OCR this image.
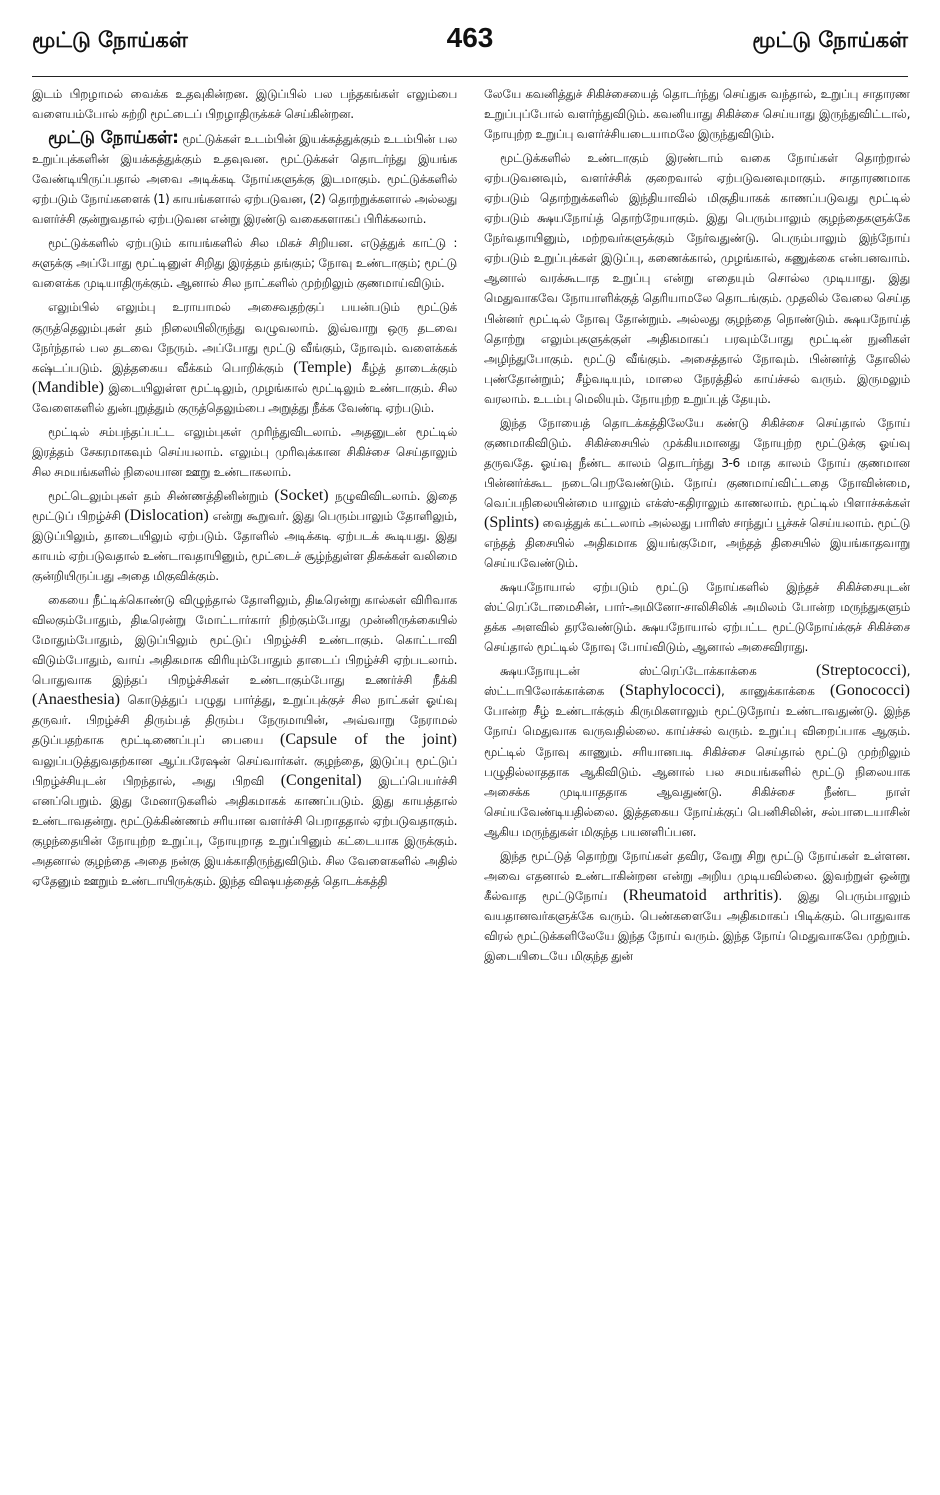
மூட்டு நோய்கள்	463	மூட்டு நோய்கள்

இடம் பிறழாமல் வைக்க உதவுகின்றன. இடுப்பில் பல பந்தகங்கள் எலும்பை வளையம்போல் சுற்றி மூட்டைப் பிறழாதிருக்கச் செய்கின்றன.

மூட்டு நோய்கள்: மூட்டுக்கள் உடம்பின் இயக்கத்துக்கும் உடம்பின் பல உறுப்புக்களின் இயக்கத்துக்கும் உதவுவன. மூட்டுக்கள் தொடர்ந்து இயங்க வேண்டியிருப்பதால் அவை அடிக்கடி நோய்களுக்கு இடமாகும். மூட்டுக்களில் ஏற்படும் நோய்களைக் (1) காயங்களால் ஏற்படுவன, (2) தொற்றுக்களால் அல்லது வளர்ச்சி குன்றுவதால் ஏற்படுவன என்று இரண்டு வகைகளாகப் பிரிக்கலாம்.

மூட்டுக்களில் ஏற்படும் காயங்களில் சில மிகச் சிறியன. எடுத்துக் காட்டு : சுளுக்கு அப்போது மூட்டினுள் சிறிது இரத்தம் தங்கும்; நோவு உண்டாகும்; மூட்டு வளைக்க முடியாதிருக்கும். ஆனால் சில நாட்களில் முற்றிலும் குணமாய்விடும்.

எலும்பில் எலும்பு உராயாமல் அசைவதற்குப் பயன்படும் மூட்டுக் குருத்தெலும்புகள் தம் நிலையிலிருந்து வழுவலாம். இவ்வாறு ஒரு தடவை நேர்ந்தால் பல தடவை நேரும். அப்போது மூட்டு வீங்கும், நோவும். வளைக்கக் கஷ்டப்படும். இத்தகைய வீக்கம் பொறிக்கும் (Temple) கீழ்த் தாடைக்கும் (Mandible) இடையிலுள்ள மூட்டிலும், முழங்கால் மூட்டிலும் உண்டாகும். சில வேளைகளில் துன்புறுத்தும் குருத்தெலும்பை அறுத்து நீக்க வேண்டி ஏற்படும்.

மூட்டில் சம்பந்தப்பட்ட எலும்புகள் முரிந்துவிடலாம். அதனுடன் மூட்டில் இரத்தம் சேகரமாகவும் செய்யலாம். எலும்பு முரிவுக்கான சிகிச்சை செய்தாலும் சில சமயங்களில் நிலையான ஊறு உண்டாகலாம்.

மூட்டெலும்புகள் தம் சிண்ணத்தினின்றும் (Socket) நழுவிவிடலாம். இதை மூட்டுப் பிறழ்ச்சி (Dislocation) என்று கூறுவர். இது பெரும்பாலும் தோளிலும், இடுப்பிலும், தாடையிலும் ஏற்படும். தோளில் அடிக்கடி ஏற்படக் கூடியது. இது காயம் ஏற்படுவதால் உண்டாவதாயினும், மூட்டைச் சூழ்ந்துள்ள திசுக்கள் வலிமை குன்றியிருப்பது அதை மிகுவிக்கும்.

கையை நீட்டிக்கொண்டு விழுந்தால் தோளிலும், திடீரென்று கால்கள் விரிவாக விலகும்போதும், திடீரென்று மோட்டார்கார் நிற்கும்போது முன்னிருக்கையில் மோதும்போதும், இடுப்பிலும் மூட்டுப் பிறழ்ச்சி உண்டாகும். கொட்டாவி விடும்போதும், வாய் அதிகமாக விரியும்போதும் தாடைப் பிறழ்ச்சி ஏற்படலாம். பொதுவாக இந்தப் பிறழ்ச்சிகள் உண்டாகும்போது உணர்ச்சி நீக்கி (Anaesthesia) கொடுத்துப் பழுது பார்த்து, உறுப்புக்குச் சில நாட்கள் ஓய்வு தருவர். பிறழ்ச்சி திரும்பத் திரும்ப நேருமாயின், அவ்வாறு நேராமல் தடுப்பதற்காக மூட்டிணைப்புப் பையை (Capsule of the joint) வலுப்படுத்துவதற்கான ஆப்பரேஷன் செய்வார்கள். குழந்தை, இடுப்பு மூட்டுப் பிறழ்ச்சியுடன் பிறந்தால், அது பிறவி (Congenital) இடப்பெயர்ச்சி எனப்பெறும். இது மேனாடுகளில் அதிகமாகக் காணப்படும். இது காயத்தால் உண்டாவதன்று. மூட்டுக்கிண்ணம் சரியான வளர்ச்சி பெறாததால் ஏற்படுவதாகும். குழந்தையின் நோயுற்ற உறுப்பு, நோயுறாத உறுப்பினும் கட்டையாக இருக்கும். அதனால் குழந்தை அதை நன்கு இயக்காதிருந்துவிடும். சில வேளைகளில் அதில் ஏதேனும் ஊறும் உண்டாயிருக்கும். இந்த விஷயத்தைத் தொடக்கத்தி

லேயே கவனித்துச் சிகிச்சையைத் தொடர்ந்து செய்துசு வந்தால், உறுப்பு சாதாரண உறுப்புப்போல் வளர்ந்துவிடும். கவனியாது சிகிச்சை செய்யாது இருந்துவிட்டால், நோயுற்ற உறுப்பு வளர்ச்சியடையாமலே இருந்துவிடும்.

மூட்டுக்களில் உண்டாகும் இரண்டாம் வகை நோய்கள் தொற்றால் ஏற்படுவனவும், வளர்ச்சிக் குறைவால் ஏற்படுவனவுமாகும். சாதாரணமாக ஏற்படும் தொற்றுக்களில் இந்தியாவில் மிகுதியாகக் காணப்படுவது மூட்டில் ஏற்படும் க்ஷயநோய்த் தொற்றேயாகும். இது பெரும்பாலும் குழந்தைகளுக்கே நேர்வதாயினும், மற்றவர்களுக்கும் நேர்வதுண்டு. பெரும்பாலும் இந்நோய் ஏற்படும் உறுப்புக்கள் இடுப்பு, கணைக்கால், முழங்கால், கணுக்கை என்பனவாம். ஆனால் வரக்கூடாத உறுப்பு என்று எதையும் சொல்ல முடியாது. இது மெதுவாகவே நோயாளிக்குத் தெரியாமலே தொடங்கும். முதலில் வேலை செய்த பின்னர் மூட்டில் நோவு தோன்றும். அல்லது குழந்தை நொண்டும். க்ஷயநோய்த் தொற்று எலும்புகளுக்குள் அதிகமாகப் பரவும்போது மூட்டின் நுனிகள் அழிந்துபோகும். மூட்டு வீங்கும். அசைத்தால் நோவும். பின்னர்த் தோலில் புண்தோன்றும்; சீழ்வடியும், மாலை நேரத்தில் காய்ச்சல் வரும். இருமலும் வரலாம். உடம்பு மெலியும். நோயுற்ற உறுப்புத் தேயும்.

இந்த நோயைத் தொடக்கத்திலேயே கண்டு சிகிச்சை செய்தால் நோய் குணமாகிவிடும். சிகிச்சையில் முக்கியமானது நோயுற்ற மூட்டுக்கு ஓய்வு தருவதே. ஓய்வு நீண்ட காலம் தொடர்ந்து 3-6 மாத காலம் நோய் குணமான பின்னர்க்கூட நடைபெறவேண்டும். நோய் குணமாய்விட்டதை நோவின்மை, வெப்பநிலையின்மை யாலும் எக்ஸ்-கதிராலும் காணலாம். மூட்டில் பிளாச்சுக்கள் (Splints) வைத்துக் கட்டலாம் அல்லது பாரிஸ் சாந்துப் பூச்சுச் செய்யலாம். மூட்டு எந்தத் திசையில் அதிகமாக இயங்குமோ, அந்தத் திசையில் இயங்காதவாறு செய்யவேண்டும்.

க்ஷயநோயால் ஏற்படும் மூட்டு நோய்களில் இந்தச் சிகிச்சையுடன் ஸ்ட்ரெப்டோமைசின், பார்-அமினோ-சாலிசிலிக் அமிலம் போன்ற மருந்துகளும் தக்க அளவில் தரவேண்டும். க்ஷயநோயால் ஏற்பட்ட மூட்டுநோய்க்குச் சிகிச்சை செய்தால் மூட்டில் நோவு போய்விடும், ஆனால் அசைவிராது.

க்ஷயநோயுடன் ஸ்ட்ரெப்டோக்காக்கை (Streptococci), ஸ்ட்டாபிலோக்காக்கை (Staphylococci), கானுக்காக்கை (Gonococci) போன்ற சீழ் உண்டாக்கும் கிருமிகளாலும் மூட்டுநோய் உண்டாவதுண்டு. இந்த நோய் மெதுவாக வருவதில்லை. காய்ச்சல் வரும். உறுப்பு விறைப்பாக ஆகும். மூட்டில் நோவு காணும். சரியானபடி சிகிச்சை செய்தால் மூட்டு முற்றிலும் பழுதில்லாததாக ஆகிவிடும். ஆனால் பல சமயங்களில் மூட்டு நிலையாக அசைக்க முடியாததாக ஆவதுண்டு. சிகிச்சை நீண்ட நாள் செய்யவேண்டியதில்லை. இத்தகைய நோய்க்குப் பெனிசிலின், சல்பாடையாசின் ஆகிய மருந்துகள் மிகுந்த பயனளிப்பன.

இந்த மூட்டுத் தொற்று நோய்கள் தவிர, வேறு சிறு மூட்டு நோய்கள் உள்ளன. அவை எதனால் உண்டாகின்றன என்று அறிய முடியவில்லை. இவற்றுள் ஒன்று கீல்வாத மூட்டுநோய் (Rheumatoid arthritis). இது பெரும்பாலும் வயதானவர்களுக்கே வரும். பெண்களையே அதிகமாகப் பிடிக்கும். பொதுவாக விரல் மூட்டுக்களிலேயே இந்த நோய் வரும். இந்த நோய் மெதுவாகவே முற்றும். இடையிடையே மிகுந்த துன்
